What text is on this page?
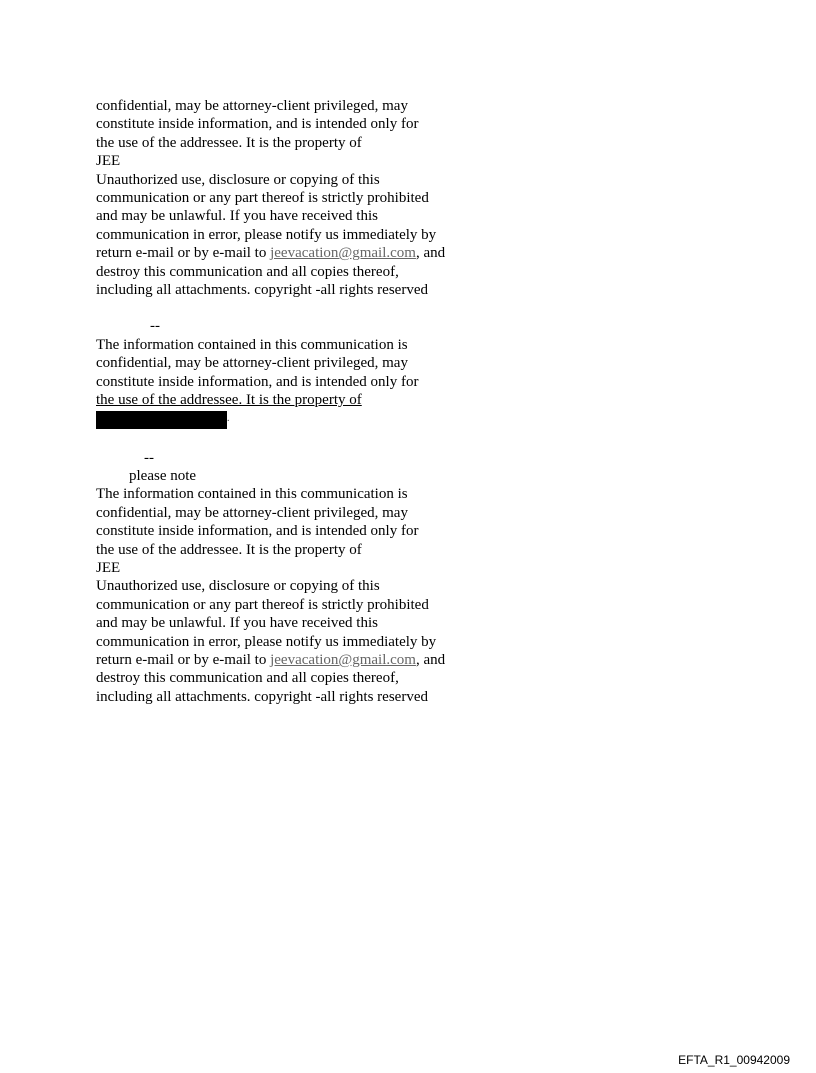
confidential, may be attorney-client privileged, may
constitute inside information, and is intended only for
the use of the addressee. It is the property of
JEE
Unauthorized use, disclosure or copying of this
communication or any part thereof is strictly prohibited
and may be unlawful. If you have received this
communication in error, please notify us immediately by
return e-mail or by e-mail to jeevacation@gmail.com, and
destroy this communication and all copies thereof,
including all attachments. copyright -all rights reserved
--
The information contained in this communication is
confidential, may be attorney-client privileged, may
constitute inside information, and is intended only for
the use of the addressee. It is the property of
.
--
please note
The information contained in this communication is
confidential, may be attorney-client privileged, may
constitute inside information, and is intended only for
the use of the addressee. It is the property of
JEE
Unauthorized use, disclosure or copying of this
communication or any part thereof is strictly prohibited
and may be unlawful. If you have received this
communication in error, please notify us immediately by
return e-mail or by e-mail to jeevacation@gmail.com, and
destroy this communication and all copies thereof,
including all attachments. copyright -all rights reserved
EFTA_R1_00942009
